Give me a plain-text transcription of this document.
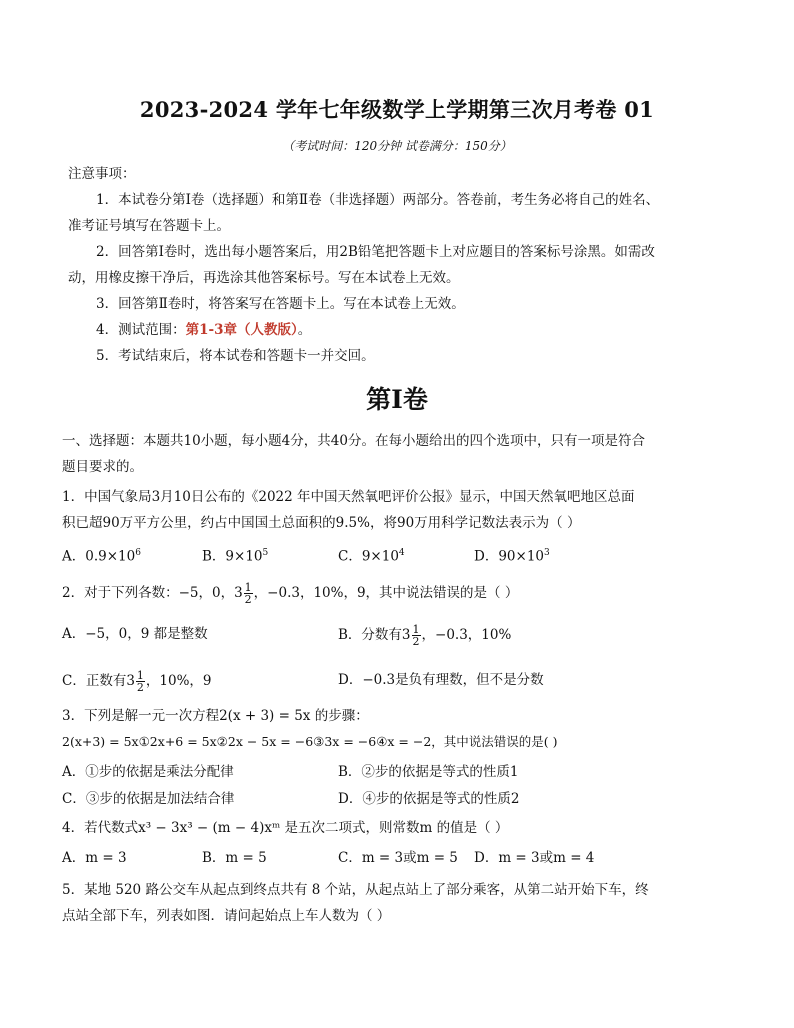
2023-2024 学年七年级数学上学期第三次月考卷 01
（考试时间：120分钟 试卷满分：150分）
注意事项：
1．本试卷分第Ⅰ卷（选择题）和第Ⅱ卷（非选择题）两部分。答卷前，考生务必将自己的姓名、
准考证号填写在答题卡上。
2．回答第Ⅰ卷时，选出每小题答案后，用2B铅笔把答题卡上对应题目的答案标号涂黑。如需改
动，用橡皮擦干净后，再选涂其他答案标号。写在本试卷上无效。
3．回答第Ⅱ卷时，将答案写在答题卡上。写在本试卷上无效。
4．测试范围：第1-3章（人教版）。
5．考试结束后，将本试卷和答题卡一并交回。
第Ⅰ卷
一、选择题：本题共10小题，每小题4分，共40分。在每小题给出的四个选项中，只有一项是符合
题目要求的。
1．中国气象局3月10日公布的《2022 年中国天然氧吧评价公报》显示，中国天然氧吧地区总面
积已超90万平方公里，约占中国国土总面积的9.5%，将90万用科学记数法表示为（ ）
A．$0.9\times 10^6$	B．$9\times 10^5$	C．$9\times 10^4$	D．$90\times 10^3$
2．对于下列各数：−5，0，$3 \frac{1}{2}$ ，−0.3，10%，9，其中说法错误的是（ ）
A．−5，0，9 都是整数	B．分数有$3 \frac{1}{2}$ ，−0.3，10%
C．正数有$3 \frac{1}{2}$ ，10%，9	D．−0.3是负有理数，但不是分数
3．下列是解一元一次方程2(x + 3) = 5x 的步骤：
2(x+3) = 5x①2x+6 = 5x②2x − 5x = −6③3x = −6④x = −2，其中说法错误的是( )
A．①步的依据是乘法分配律	B．②步的依据是等式的性质1
C．③步的依据是加法结合律	D．④步的依据是等式的性质2
4．若代数式x³ − 3x³ − (m − 4)xᵐ 是五次二项式，则常数m 的值是（ ）
A．m = 3	B．m = 5	C．m = 3或m = 5 D．m = 3或m = 4
5．某地 520 路公交车从起点到终点共有 8 个站，从起点站上了部分乘客，从第二站开始下车，终
点站全部下车，列表如图．请问起始点上车人数为（ ）
